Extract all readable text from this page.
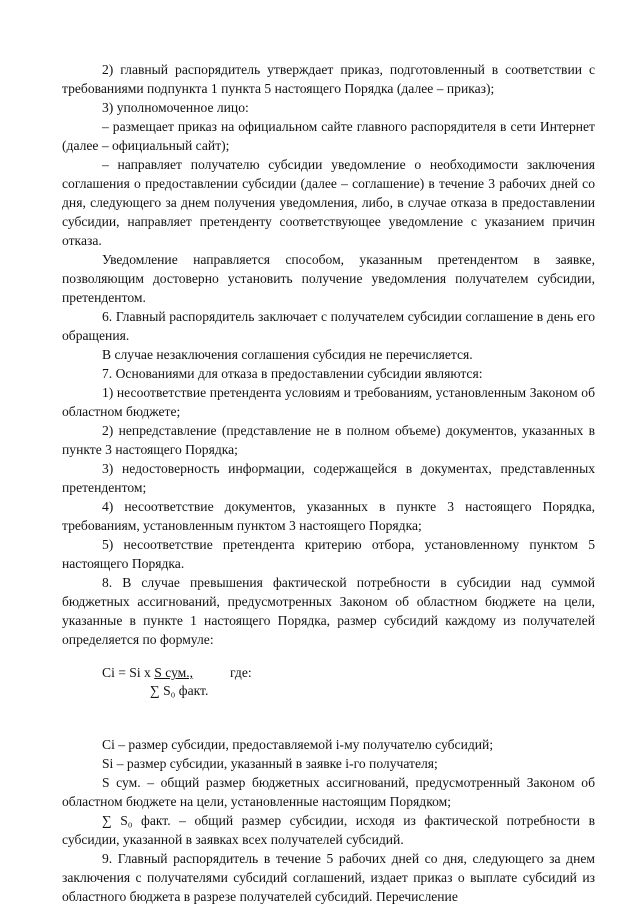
2) главный распорядитель утверждает приказ, подготовленный в соответствии с требованиями подпункта 1 пункта 5 настоящего Порядка (далее – приказ);

3) уполномоченное лицо:

– размещает приказ на официальном сайте главного распорядителя в сети Интернет (далее – официальный сайт);

– направляет получателю субсидии уведомление о необходимости заключения соглашения о предоставлении субсидии (далее – соглашение) в течение 3 рабочих дней со дня, следующего за днем получения уведомления, либо, в случае отказа в предоставлении субсидии, направляет претенденту соответствующее уведомление с указанием причин отказа.

Уведомление направляется способом, указанным претендентом в заявке, позволяющим достоверно установить получение уведомления получателем субсидии, претендентом.

6. Главный распорядитель заключает с получателем субсидии соглашение в день его обращения.

В случае незаключения соглашения субсидия не перечисляется.

7. Основаниями для отказа в предоставлении субсидии являются:

1) несоответствие претендента условиям и требованиям, установленным Законом об областном бюджете;

2) непредставление (представление не в полном объеме) документов, указанных в пункте 3 настоящего Порядка;

3) недостоверность информации, содержащейся в документах, представленных претендентом;

4) несоответствие документов, указанных в пункте 3 настоящего Порядка, требованиям, установленным пунктом 3 настоящего Порядка;

5) несоответствие претендента критерию отбора, установленному пунктом 5 настоящего Порядка.

8. В случае превышения фактической потребности в субсидии над суммой бюджетных ассигнований, предусмотренных Законом об областном бюджете на цели, указанные в пункте 1 настоящего Порядка, размер субсидий каждому из получателей определяется по формуле:

Ci = Si x S сум.,	где:
∑ S₀ факт.

Ci – размер субсидии, предоставляемой i-му получателю субсидий;

Si – размер субсидии, указанный в заявке i-го получателя;

S сум. – общий размер бюджетных ассигнований, предусмотренный Законом об областном бюджете на цели, установленные настоящим Порядком;

∑ S₀ факт. – общий размер субсидии, исходя из фактической потребности в субсидии, указанной в заявках всех получателей субсидий.

9. Главный распорядитель в течение 5 рабочих дней со дня, следующего за днем заключения с получателями субсидий соглашений, издает приказ о выплате субсидий из областного бюджета в разрезе получателей субсидий. Перечисление
